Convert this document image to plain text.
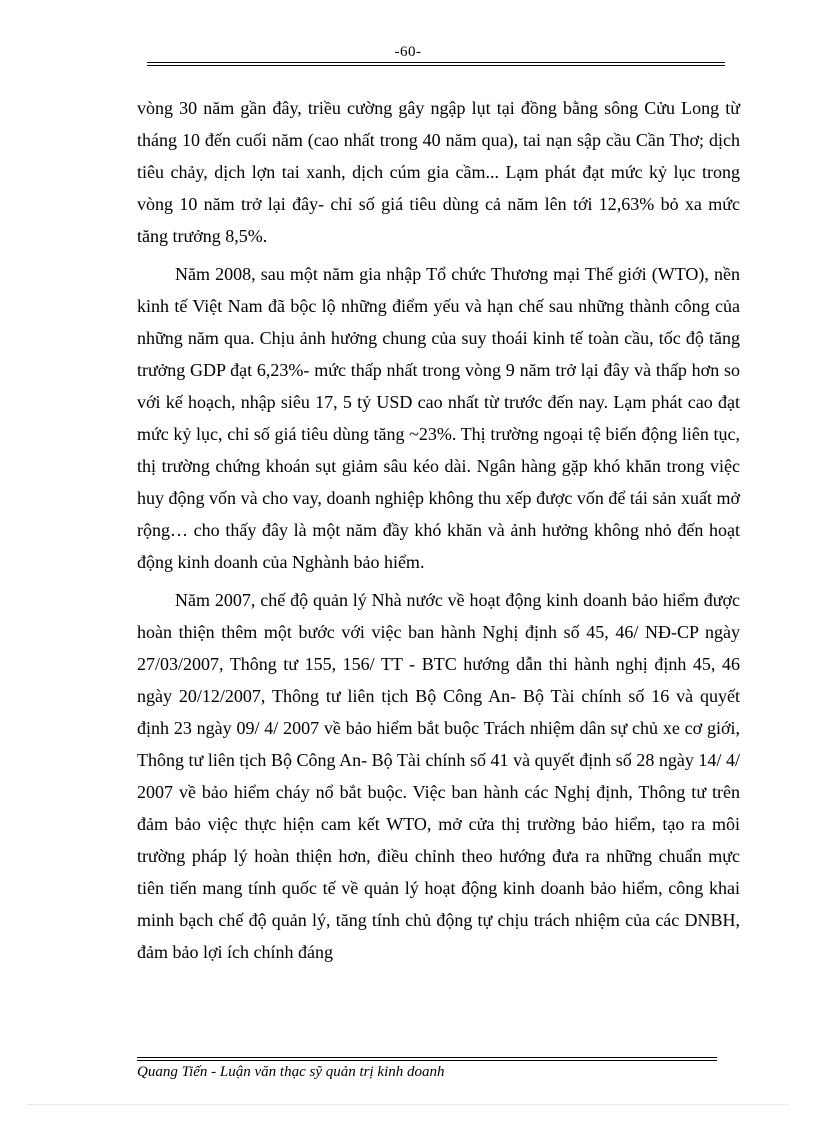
-60-

vòng 30 năm gần đây, triều cường gây ngập lụt tại đồng bằng sông Cửu Long từ tháng 10 đến cuối năm (cao nhất trong 40 năm qua), tai nạn sập cầu Cần Thơ; dịch tiêu chảy, dịch lợn tai xanh, dịch cúm gia cầm... Lạm phát đạt mức kỷ lục trong vòng 10 năm trở lại đây- chỉ số giá tiêu dùng cả năm lên tới 12,63% bỏ xa mức tăng trưởng 8,5%.

Năm 2008, sau một năm gia nhập Tổ chức Thương mại Thế giới (WTO), nền kinh tế Việt Nam đã bộc lộ những điểm yếu và hạn chế sau những thành công của những năm qua. Chịu ảnh hưởng chung của suy thoái kinh tế toàn cầu, tốc độ tăng trưởng GDP đạt 6,23%- mức thấp nhất trong vòng 9 năm trở lại đây và thấp hơn so với kế hoạch, nhập siêu 17, 5 tỷ USD cao nhất từ trước đến nay. Lạm phát cao đạt mức kỷ lục, chỉ số giá tiêu dùng tăng ~23%. Thị trường ngoại tệ biến động liên tục, thị trường chứng khoán sụt giảm sâu kéo dài. Ngân hàng gặp khó khăn trong việc huy động vốn và cho vay, doanh nghiệp không thu xếp được vốn để tái sản xuất mở rộng… cho thấy đây là một năm đầy khó khăn và ảnh hưởng không nhỏ đến hoạt động kinh doanh của Nghành bảo hiểm.

Năm 2007, chế độ quản lý Nhà nước về hoạt động kinh doanh bảo hiểm được hoàn thiện thêm một bước với việc ban hành Nghị định số 45, 46/ NĐ-CP ngày 27/03/2007, Thông tư 155, 156/ TT - BTC hướng dẫn thi hành nghị định 45, 46 ngày 20/12/2007, Thông tư liên tịch Bộ Công An- Bộ Tài chính số 16 và quyết định 23 ngày 09/ 4/ 2007 về bảo hiểm bắt buộc Trách nhiệm dân sự chủ xe cơ giới, Thông tư liên tịch Bộ Công An- Bộ Tài chính số 41 và quyết định số 28 ngày 14/ 4/ 2007 về bảo hiểm cháy nổ bắt buộc. Việc ban hành các Nghị định, Thông tư trên đảm bảo việc thực hiện cam kết WTO, mở cửa thị trường bảo hiểm, tạo ra môi trường pháp lý hoàn thiện hơn, điều chỉnh theo hướng đưa ra những chuẩn mực tiên tiến mang tính quốc tế về quản lý hoạt động kinh doanh bảo hiểm, công khai minh bạch chế độ quản lý, tăng tính chủ động tự chịu trách nhiệm của các DNBH, đảm bảo lợi ích chính đáng

Quang Tiến - Luận văn thạc sỹ quản trị kinh doanh
